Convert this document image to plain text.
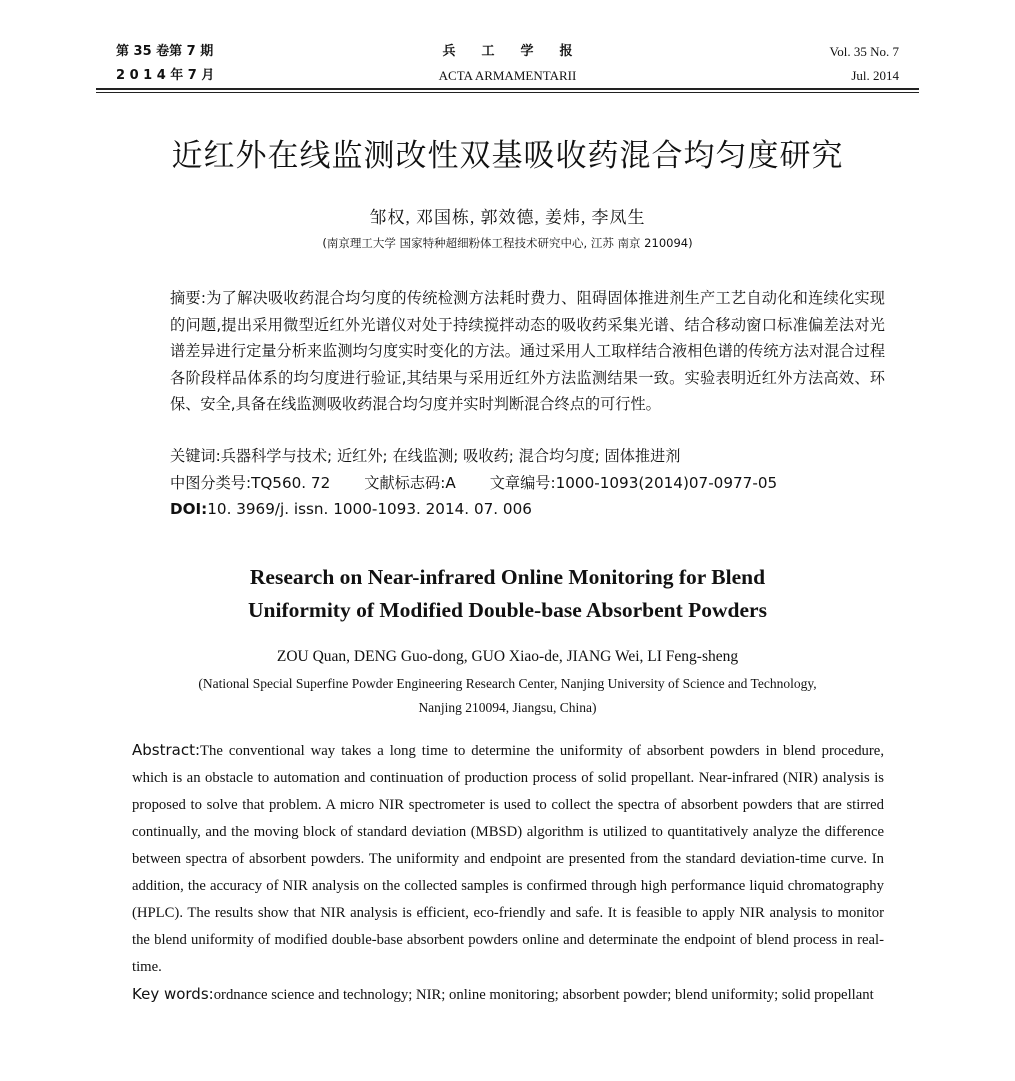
第 35 卷第 7 期
2 0 1 4 年 7 月
兵工学报
ACTA ARMAMENTARII
Vol. 35 No. 7
Jul. 2014
近红外在线监测改性双基吸收药混合均匀度研究
邹权, 邓国栋, 郭效德, 姜炜, 李凤生
(南京理工大学 国家特种超细粉体工程技术研究中心, 江苏 南京 210094)

摘要:为了解决吸收药混合均匀度的传统检测方法耗时费力、阻碍固体推进剂生产工艺自动化和连续化实现的问题,提出采用微型近红外光谱仪对处于持续搅拌动态的吸收药采集光谱、结合移动窗口标准偏差法对光谱差异进行定量分析来监测均匀度实时变化的方法。通过采用人工取样结合液相色谱的传统方法对混合过程各阶段样品体系的均匀度进行验证,其结果与采用近红外方法监测结果一致。实验表明近红外方法高效、环保、安全,具备在线监测吸收药混合均匀度并实时判断混合终点的可行性。

关键词:兵器科学与技术; 近红外; 在线监测; 吸收药; 混合均匀度; 固体推进剂
中图分类号:TQ560. 72 文献标志码:A 文章编号:1000-1093(2014)07-0977-05
DOI:10. 3969/j. issn. 1000-1093. 2014. 07. 006
Research on Near-infrared Online Monitoring for Blend
Uniformity of Modified Double-base Absorbent Powders
ZOU Quan, DENG Guo-dong, GUO Xiao-de, JIANG Wei, LI Feng-sheng
(National Special Superfine Powder Engineering Research Center, Nanjing University of Science and Technology,
Nanjing 210094, Jiangsu, China)

Abstract:The conventional way takes a long time to determine the uniformity of absorbent powders in blend procedure, which is an obstacle to automation and continuation of production process of solid propellant. Near-infrared (NIR) analysis is proposed to solve that problem. A micro NIR spectrometer is used to collect the spectra of absorbent powders that are stirred continually, and the moving block of standard deviation (MBSD) algorithm is utilized to quantitatively analyze the difference between spectra of absorbent powders. The uniformity and endpoint are presented from the standard deviation-time curve. In addition, the accuracy of NIR analysis on the collected samples is confirmed through high performance liquid chromatography (HPLC). The results show that NIR analysis is efficient, eco-friendly and safe. It is feasible to apply NIR analysis to monitor the blend uniformity of modified double-base absorbent powders online and determinate the endpoint of blend process in real-time.

Key words:ordnance science and technology; NIR; online monitoring; absorbent powder; blend uniformity; solid propellant
